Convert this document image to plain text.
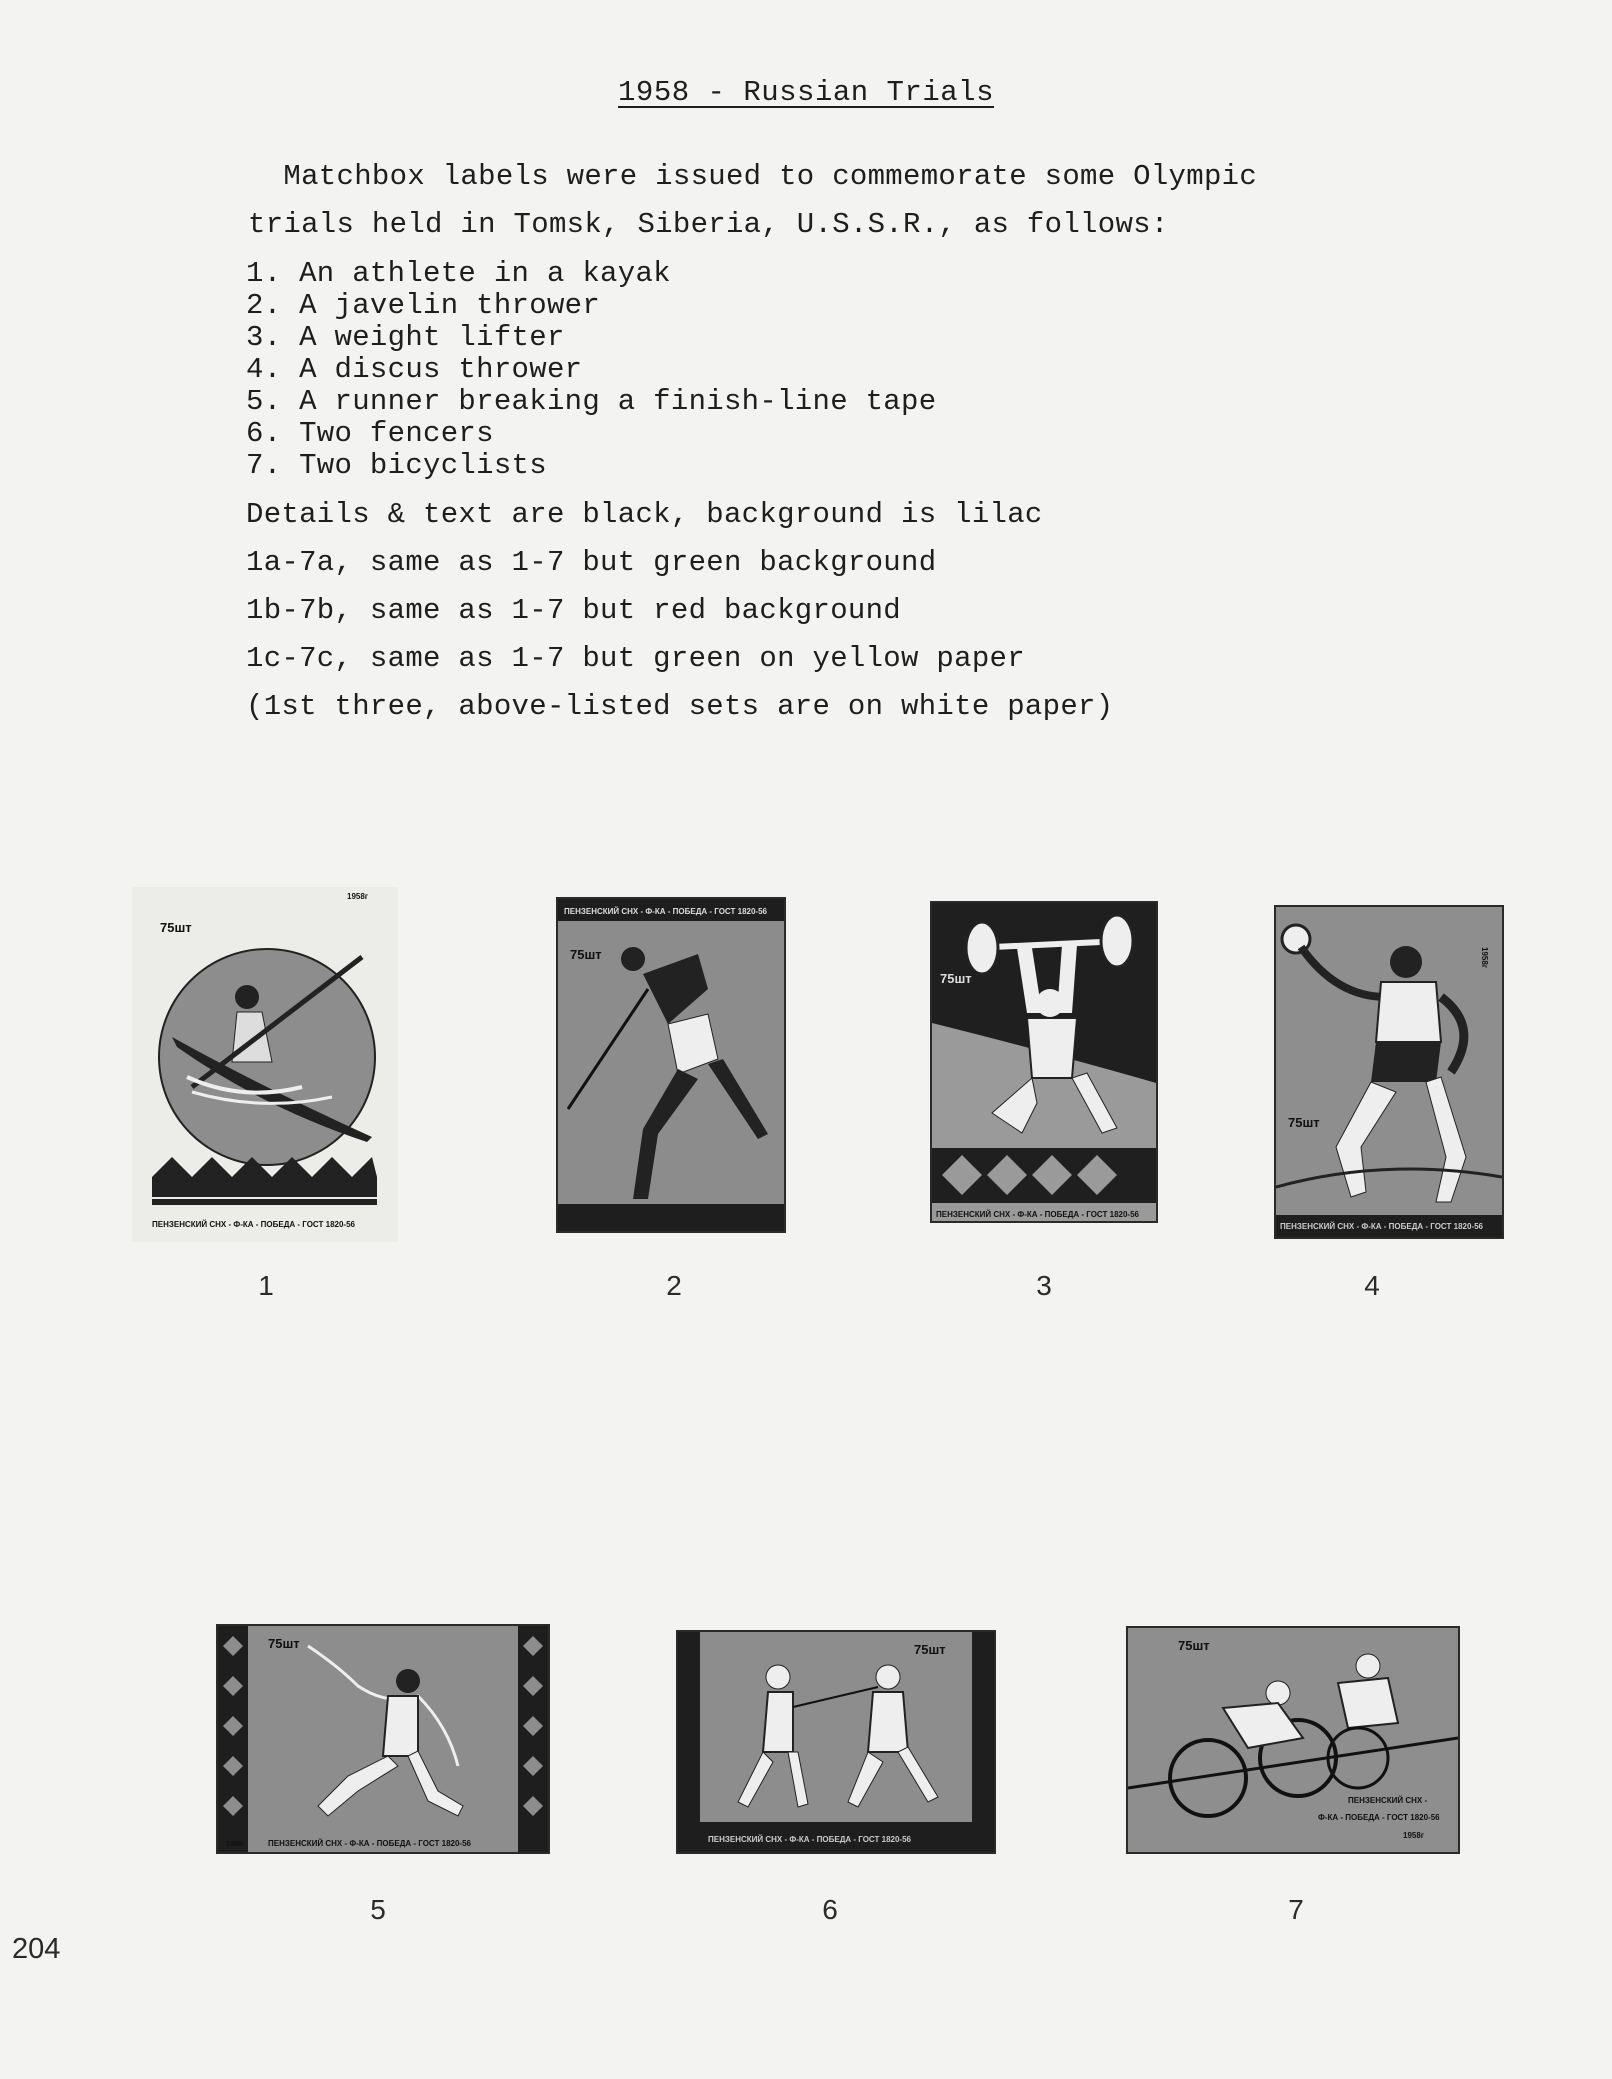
1958 - Russian Trials
Matchbox labels were issued to commemorate some Olympic
trials held in Tomsk, Siberia, U.S.S.R., as follows:
1. An athlete in a kayak
2. A javelin thrower
3. A weight lifter
4. A discus thrower
5. A runner breaking a finish-line tape
6. Two fencers
7. Two bicyclists
Details & text are black, background is lilac
1a-7a, same as 1-7 but green background
1b-7b, same as 1-7 but red background
1c-7c, same as 1-7 but green on yellow paper
(1st three, above-listed sets are on white paper)
75шт
1958г
ПЕНЗЕНСКИЙ СНХ - Ф-КА - ПОБЕДА - ГОСТ 1820-56
1
ПЕНЗЕНСКИЙ СНХ - Ф-КА - ПОБЕДА - ГОСТ 1820-56
75шт
2
75шт
ПЕНЗЕНСКИЙ СНХ - Ф-КА - ПОБЕДА - ГОСТ 1820-56
3
1958г
75шт
ПЕНЗЕНСКИЙ СНХ - Ф-КА - ПОБЕДА - ГОСТ 1820-56
4
75шт
1958г	ПЕНЗЕНСКИЙ СНХ - Ф-КА - ПОБЕДА - ГОСТ 1820-56
5
75шт
ПЕНЗЕНСКИЙ СНХ - Ф-КА - ПОБЕДА - ГОСТ 1820-56
6
75шт
ПЕНЗЕНСКИЙ СНХ -
Ф-КА - ПОБЕДА - ГОСТ 1820-56
1958г
7
204
